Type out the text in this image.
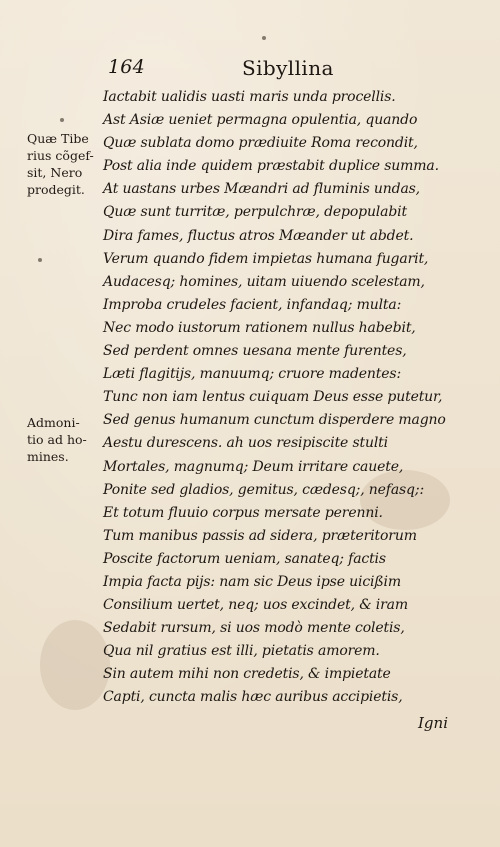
164	Sibyllina
Quæ Tibe
rius cõgef-
sit, Nero
prodegit.
Admoni-
tio ad ho-
mines.
Iactabit ualidis uasti maris unda procellis.
Ast Asiæ ueniet permagna opulentia, quando
Quæ sublata domo prædiuite Roma recondit,
Post alia inde quidem præstabit duplice summa.
At uastans urbes Mæandri ad fluminis undas,
Quæ sunt turritæ, perpulchræ, depopulabit
Dira fames, fluctus atros Mæander ut abdet.
Verum quando fidem impietas humana fugarit,
Audacesq; homines, uitam uiuendo scelestam,
Improba crudeles facient, infandaq; multa:
Nec modo iustorum rationem nullus habebit,
Sed perdent omnes uesana mente furentes,
Læti flagitijs, manuumq; cruore madentes:
Tunc non iam lentus cuiquam Deus esse putetur,
Sed genus humanum cunctum disperdere magno
Aestu durescens. ah uos resipiscite stulti
Mortales, magnumq; Deum irritare cauete,
Ponite sed gladios, gemitus, cædesq;, nefasq;:
Et totum fluuio corpus mersate perenni.
Tum manibus passis ad sidera, præteritorum
Poscite factorum ueniam, sanateq; factis
Impia facta pijs: nam sic Deus ipse uicißim
Consilium uertet, neq; uos excindet, & iram
Sedabit rursum, si uos modò mente coletis,
Qua nil gratius est illi, pietatis amorem.
Sin autem mihi non credetis, & impietate
Capti, cuncta malis hæc auribus accipietis,
Igni
